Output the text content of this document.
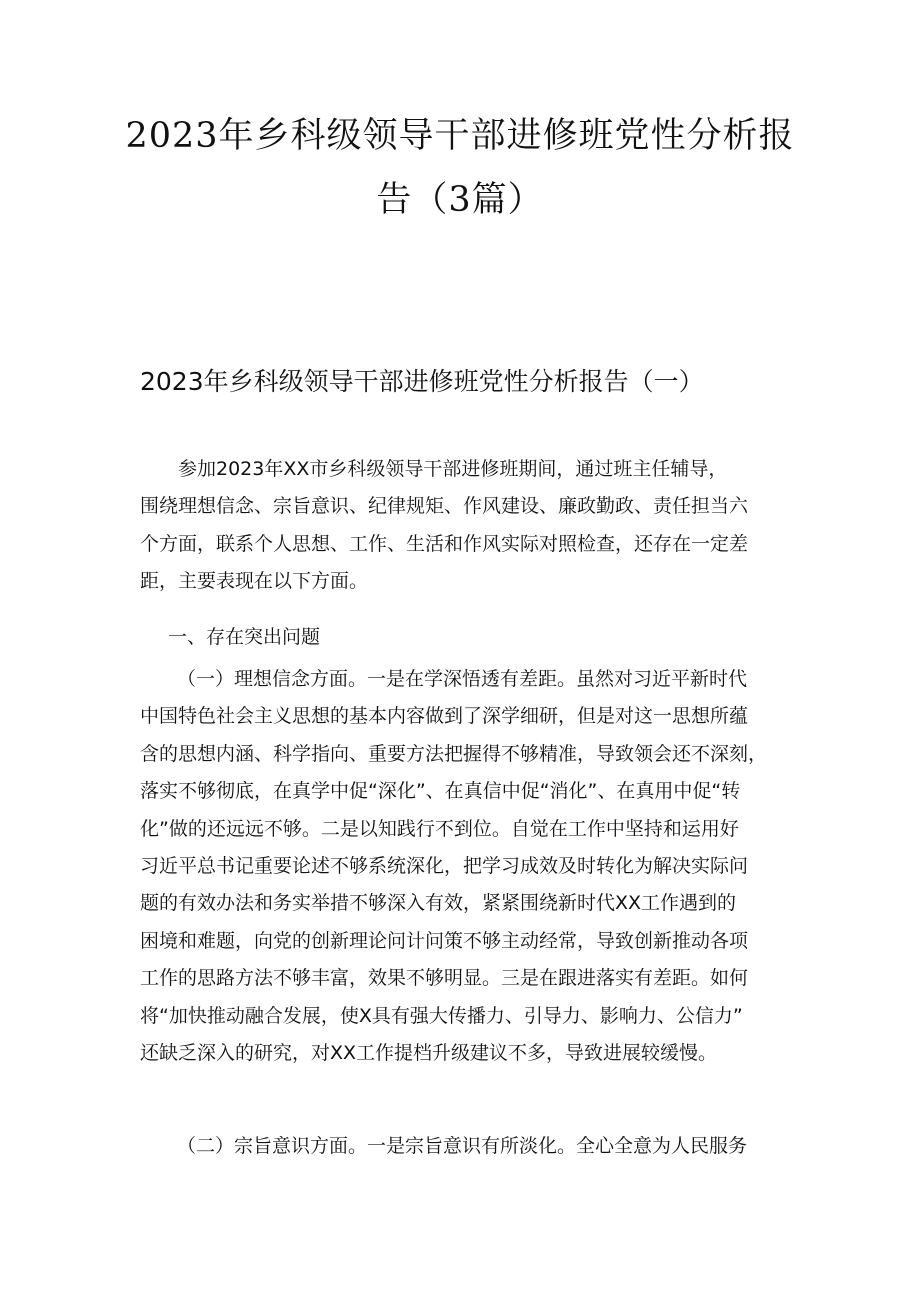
2023年乡科级领导干部进修班党性分析报
告（3篇）
2023年乡科级领导干部进修班党性分析报告（一）

参加2023年XX市乡科级领导干部进修班期间，通过班主任辅导，
围绕理想信念、宗旨意识、纪律规矩、作风建设、廉政勤政、责任担当六
个方面，联系个人思想、工作、生活和作风实际对照检查，还存在一定差
距，主要表现在以下方面。

一、存在突出问题

（一）理想信念方面。一是在学深悟透有差距。虽然对习近平新时代
中国特色社会主义思想的基本内容做到了深学细研，但是对这一思想所蕴
含的思想内涵、科学指向、重要方法把握得不够精准，导致领会还不深刻，
落实不够彻底，在真学中促“深化”、在真信中促“消化”、在真用中促“转
化”做的还远远不够。二是以知践行不到位。自觉在工作中坚持和运用好
习近平总书记重要论述不够系统深化，把学习成效及时转化为解决实际问
题的有效办法和务实举措不够深入有效，紧紧围绕新时代XX工作遇到的
困境和难题，向党的创新理论问计问策不够主动经常，导致创新推动各项
工作的思路方法不够丰富，效果不够明显。三是在跟进落实有差距。如何
将“加快推动融合发展，使X具有强大传播力、引导力、影响力、公信力”
还缺乏深入的研究，对XX工作提档升级建议不多，导致进展较缓慢。

（二）宗旨意识方面。一是宗旨意识有所淡化。全心全意为人民服务
